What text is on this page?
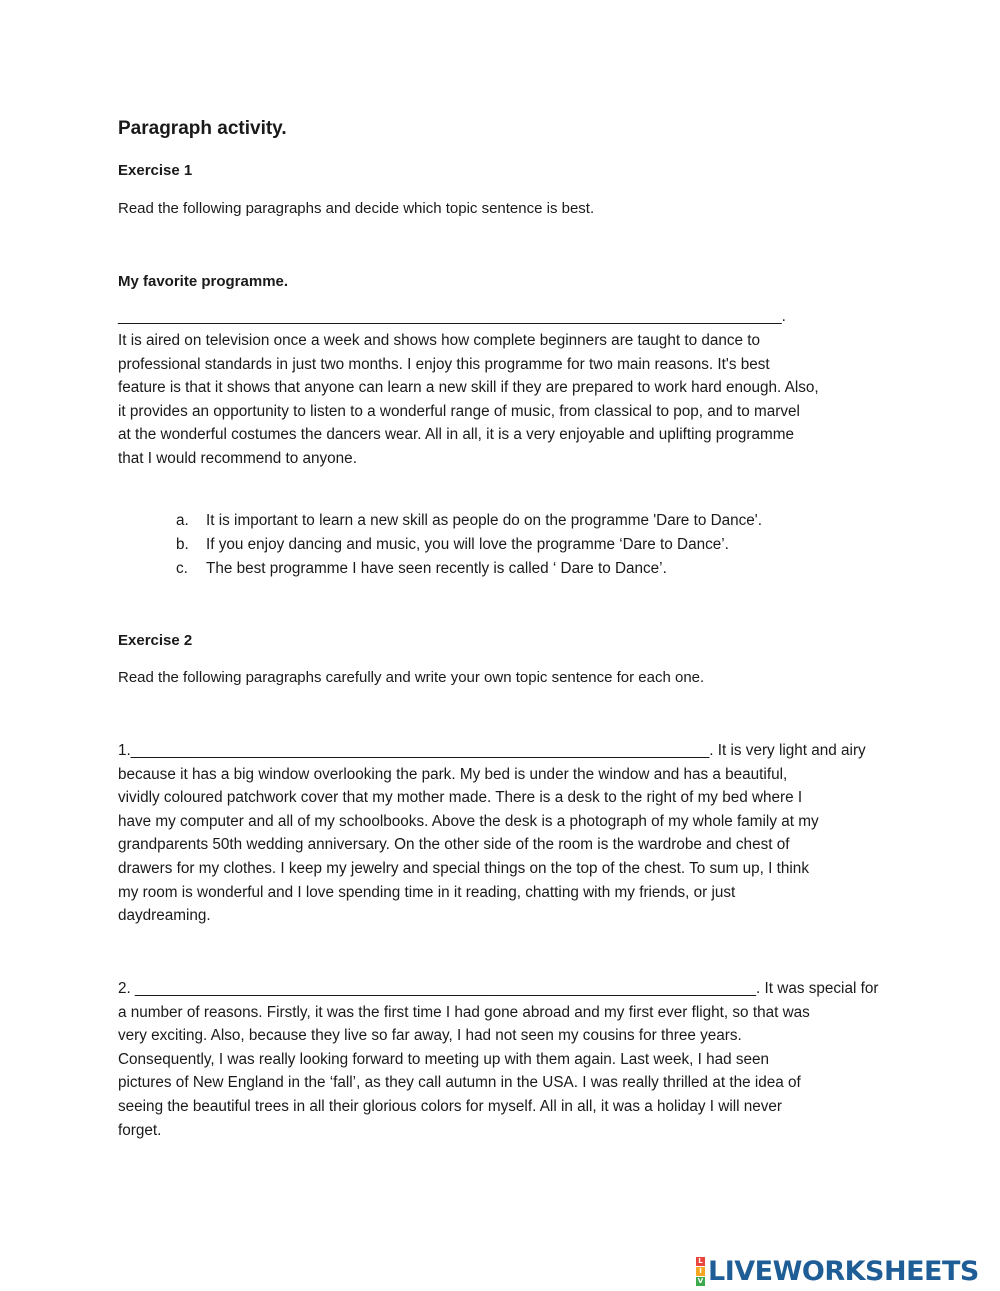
Paragraph activity.
Exercise 1
Read the following paragraphs and decide which topic sentence is best.
My favorite programme.
______________________________________________________________________________.
It is aired on television once a week and shows how complete beginners are taught to dance to
professional standards in just two months. I enjoy this programme for two main reasons. It's best
feature is that it shows that anyone can learn a new skill if they are prepared to work hard enough. Also,
it provides an opportunity to listen to a wonderful range of music, from classical to pop, and to marvel
at the wonderful costumes the dancers wear. All in all, it is a very enjoyable and uplifting programme
that I would recommend to anyone.
a.	It is important to learn a new skill as people do on the programme 'Dare to Dance'.
b.	If you enjoy dancing and music, you will love the programme ‘Dare to Dance’.
c.	The best programme I have seen recently is called ‘ Dare to Dance’.
Exercise 2
Read the following paragraphs carefully and write your own topic sentence for each one.
1.____________________________________________________________________. It is very light and airy
because it has a big window overlooking the park. My bed is under the window and has a beautiful,
vividly coloured patchwork cover that my mother made. There is a desk to the right of my bed where I
have my computer and all of my schoolbooks. Above the desk is a photograph of my whole family at my
grandparents 50th wedding anniversary. On the other side of the room is the wardrobe and chest of
drawers for my clothes. I keep my jewelry and special things on the top of the chest. To sum up, I think
my room is wonderful and I love spending time in it reading, chatting with my friends, or just
daydreaming.
2. _________________________________________________________________________. It was special for
a number of reasons. Firstly, it was the first time I had gone abroad and my first ever flight, so that was
very exciting. Also, because they live so far away, I had not seen my cousins for three years.
Consequently, I was really looking forward to meeting up with them again. Last week, I had seen
pictures of New England in the ‘fall’, as they call autumn in the USA. I was really thrilled at the idea of
seeing the beautiful trees in all their glorious colors for myself. All in all, it was a holiday I will never
forget.
L
I
V LIVEWORKSHEETS
